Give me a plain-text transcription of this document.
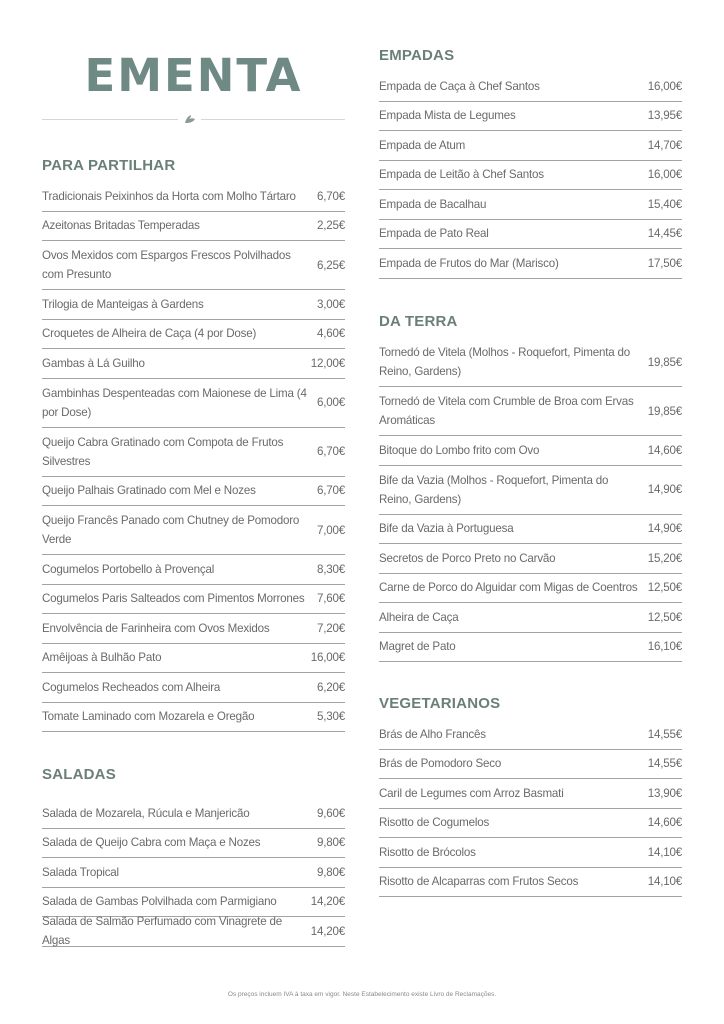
EMENTA
PARA PARTILHAR
Tradicionais Peixinhos da Horta com Molho Tártaro	6,70€
Azeitonas Britadas Temperadas	2,25€
Ovos Mexidos com Espargos Frescos Polvilhados com Presunto
6,25€
Trilogia de Manteigas à Gardens	3,00€
Croquetes de Alheira de Caça (4 por Dose)	4,60€
Gambas à Lá Guilho	12,00€
Gambinhas Despenteadas com Maionese de Lima (4 por Dose)
6,00€
Queijo Cabra Gratinado com Compota de Frutos Silvestres
6,70€
Queijo Palhais Gratinado com Mel e Nozes	6,70€
Queijo Francês Panado com Chutney de Pomodoro Verde
7,00€
Cogumelos Portobello à Provençal	8,30€
Cogumelos Paris Salteados com Pimentos Morrones	7,60€
Envolvência de Farinheira com Ovos Mexidos	7,20€
Amêijoas à Bulhão Pato	16,00€
Cogumelos Recheados com Alheira	6,20€
Tomate Laminado com Mozarela e Oregão	5,30€
SALADAS
Salada de Mozarela, Rúcula e Manjericão	9,60€
Salada de Queijo Cabra com Maça e Nozes	9,80€
Salada Tropical	9,80€
Salada de Gambas Polvilhada com Parmigiano	14,20€
Salada de Salmão Perfumado com Vinagrete de Algas
14,20€
EMPADAS
Empada de Caça à Chef Santos	16,00€
Empada Mista de Legumes	13,95€
Empada de Atum	14,70€
Empada de Leitão à Chef Santos	16,00€
Empada de Bacalhau	15,40€
Empada de Pato Real	14,45€
Empada de Frutos do Mar (Marisco)	17,50€
DA TERRA
Tornedó de Vitela (Molhos - Roquefort, Pimenta do Reino, Gardens)
19,85€
Tornedó de Vitela com Crumble de Broa com Ervas Aromáticas
19,85€
Bitoque do Lombo frito com Ovo	14,60€
Bife da Vazia (Molhos - Roquefort, Pimenta do Reino, Gardens)
14,90€
Bife da Vazia à Portuguesa	14,90€
Secretos de Porco Preto no Carvão	15,20€
Carne de Porco do Alguidar com Migas de Coentros 12,50€
Alheira de Caça	12,50€
Magret de Pato	16,10€
VEGETARIANOS
Brás de Alho Francês	14,55€
Brás de Pomodoro Seco	14,55€
Caril de Legumes com Arroz Basmati	13,90€
Risotto de Cogumelos	14,60€
Risotto de Brócolos	14,10€
Risotto de Alcaparras com Frutos Secos	14,10€
Os preços incluem IVA à taxa em vigor. Neste Estabelecimento existe Livro de Reclamações.
